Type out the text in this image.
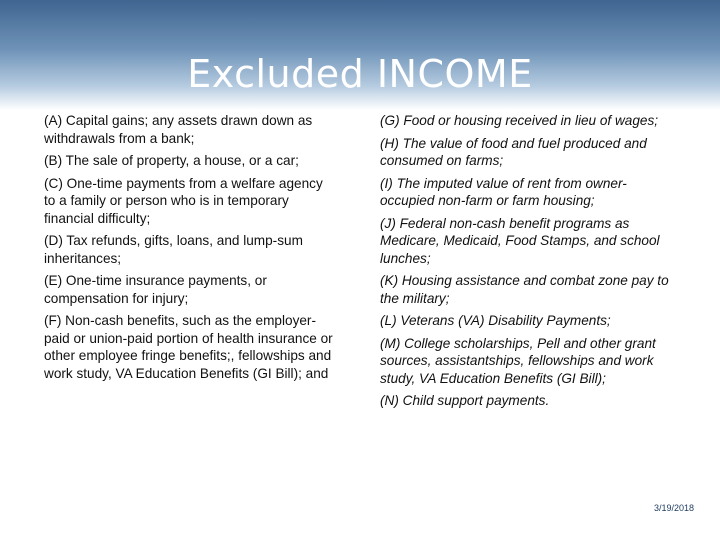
Excluded INCOME

(A) Capital gains; any assets drawn down as withdrawals from a bank;

(B) The sale of property, a house, or a car;

(C) One-time payments from a welfare agency to a family or person who is in temporary financial difficulty;

(D) Tax refunds, gifts, loans, and lump-sum inheritances;

(E) One-time insurance payments, or compensation for injury;

(F) Non-cash benefits, such as the employer-paid or union-paid portion of health insurance or other employee fringe benefits;, fellowships and work study, VA Education Benefits (GI Bill); and

(G) Food or housing received in lieu of wages;

(H) The value of food and fuel produced and consumed on farms;

(I) The imputed value of rent from owner-occupied non-farm or farm housing;

(J) Federal non-cash benefit programs as Medicare, Medicaid, Food Stamps, and school lunches;

(K) Housing assistance and combat zone pay to the military;

(L) Veterans (VA) Disability Payments;

(M) College scholarships, Pell and other grant sources, assistantships, fellowships and work study, VA Education Benefits (GI Bill);

(N) Child support payments.

3/19/2018
